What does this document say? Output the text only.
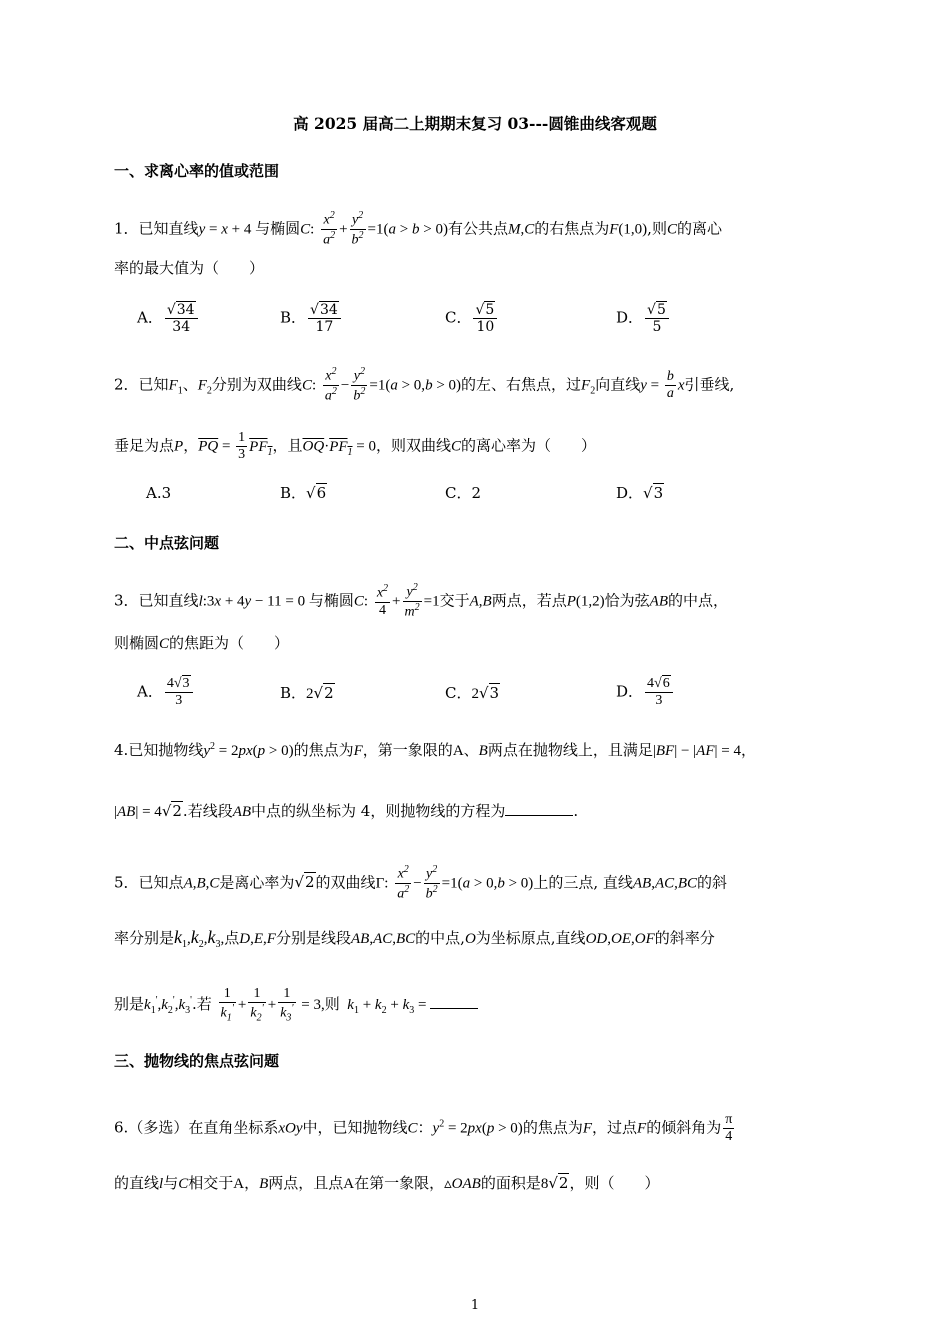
高 2025 届高二上期期末复习 03---圆锥曲线客观题
一、求离心率的值或范围
1．已知直线y = x + 4 与椭圆C: $\frac{x^2}{a^2} + \frac{y^2}{b^2} =1(a > b > 0)$有公共点M,C的右焦点为F(1,0),则C的离心
率的最大值为（　　）
A． $\frac{√34}{34}$	B． $\frac{√34}{17}$	C． $\frac{√5}{10}$	D． $\frac{√5}{5}$
2．已知$F_1$、$F_2$分别为双曲线C: $\frac{x^2}{a^2} - \frac{y^2}{b^2} =1(a > 0,b > 0)$的左、右焦点，过$F_2$向直线$y = \frac{b}{a}$ x引垂线,
垂足为点P，$\overline{PQ} = \frac{1}{3} PF_1$，且$\overline{OQ}\cdot PF_1 = 0$，则双曲线C的离心率为（　　）
A.3	B．√6	C．2	D．√3
二、中点弦问题
3．已知直线l:3x + 4y − 11 = 0 与椭圆C: $\frac{x^2}{4} + \frac{y^2}{m^2} =1$交于A,B两点，若点P(1,2)恰为弦AB的中点，
则椭圆C的焦距为（　　）
A． $\frac{4√3}{3}$	B．2√2	C．2√3	D． $\frac{4√6}{3}$
4.已知抛物线$y^2 = 2px(p > 0)$的焦点为F，第一象限的A、B两点在抛物线上，且满足|BF| − |AF| = 4，
|AB| = 4√2.若线段AB中点的纵坐标为 4，则抛物线的方程为	.
5．已知点A,B,C是离心率为√2的双曲线Γ: $\frac{x^2}{a^2} - \frac{y^2}{b^2} =1(a > 0,b > 0)$上的三点, 直线AB,AC,BC的斜
率分别是$k_1,k_2,k_3$,点D,E,F分别是线段AB,AC,BC的中点,O为坐标原点,直线OD,OE,OF的斜率分
别是$k_1',k_2',k_3'$.若 $\frac{1}{k_1'} + \frac{1}{k_2'} + \frac{1}{k_3'} = 3$,则 $k_1 + k_2 + k_3$ =
三、抛物线的焦点弦问题
6.（多选）在直角坐标系xOy中，已知抛物线C：$y^2 = 2px(p > 0)$的焦点为F，过点F的倾斜角为 $\frac{\pi}{4}$
的直线l与C相交于A，B两点，且点A在第一象限，▵OAB的面积是8√2，则（　　）
1
